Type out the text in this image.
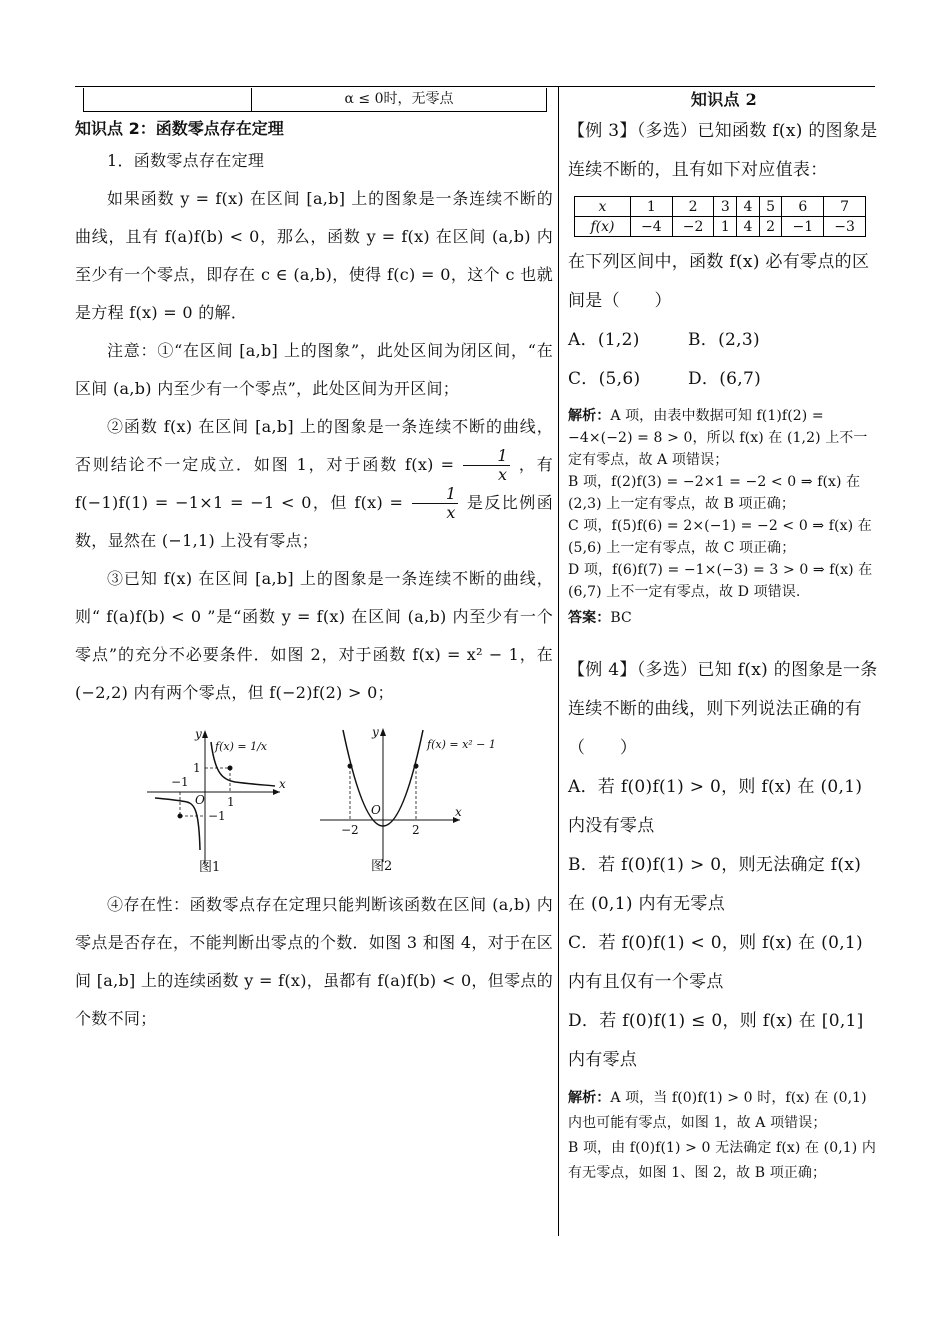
α ≤ 0时，无零点
知识点 2：函数零点存在定理
1．函数零点存在定理
如果函数 y = f(x) 在区间 [a,b] 上的图象是一条连续不断的曲线，且有 f(a)f(b) < 0，那么，函数 y = f(x) 在区间 (a,b) 内至少有一个零点，即存在 c ∈ (a,b)，使得 f(c) = 0，这个 c 也就是方程 f(x) = 0 的解．
注意：①“在区间 [a,b] 上的图象”，此处区间为闭区间，“在区间 (a,b) 内至少有一个零点”，此处区间为开区间；
②函数 f(x) 在区间 [a,b] 上的图象是一条连续不断的曲线，否则结论不一定成立．如图 1，对于函数 $f(x) = \frac{1}{x}$ ，有 f(−1)f(1) = −1×1 = −1 < 0，但 $f(x) = \frac{1}{x}$ 是反比例函数，显然在 (−1,1) 上没有零点；
③已知 f(x) 在区间 [a,b] 上的图象是一条连续不断的曲线，则“ f(a)f(b) < 0 ”是“函数 y = f(x) 在区间 (a,b) 内至少有一个零点”的充分不必要条件．如图 2，对于函数 f(x) = x² − 1，在 (−2,2) 内有两个零点，但 f(−2)f(2) > 0；
y
x
f(x) = 1/x
O
−1
1
1
−1
图1
y
x
f(x) = x² − 1
O
−2	2
图2
④存在性：函数零点存在定理只能判断该函数在区间 (a,b) 内零点是否存在，不能判断出零点的个数．如图 3 和图 4，对于在区间 [a,b] 上的连续函数 y = f(x)，虽都有 f(a)f(b) < 0，但零点的个数不同；
知识点 2
【例 3】（多选）已知函数 f(x) 的图象是连续不断的，且有如下对应值表：
x	1	2	3	4	5	6	7
f(x)	−4	−2	1	4	2	−1	−3
在下列区间中，函数 f(x) 必有零点的区间是（　　）
A．(1,2)	B．(2,3)
C．(5,6)	D．(6,7)
解析：A 项，由表中数据可知 f(1)f(2) = −4×(−2) = 8 > 0，所以 f(x) 在 (1,2) 上不一定有零点，故 A 项错误；
B 项，f(2)f(3) = −2×1 = −2 < 0 ⇒ f(x) 在 (2,3) 上一定有零点，故 B 项正确；
C 项，f(5)f(6) = 2×(−1) = −2 < 0 ⇒ f(x) 在 (5,6) 上一定有零点，故 C 项正确；
D 项，f(6)f(7) = −1×(−3) = 3 > 0 ⇒ f(x) 在 (6,7) 上不一定有零点，故 D 项错误.
答案：BC
【例 4】（多选）已知 f(x) 的图象是一条连续不断的曲线，则下列说法正确的有（　　）
A．若 f(0)f(1) > 0，则 f(x) 在 (0,1) 内没有零点
B．若 f(0)f(1) > 0，则无法确定 f(x) 在 (0,1) 内有无零点
C．若 f(0)f(1) < 0，则 f(x) 在 (0,1) 内有且仅有一个零点
D．若 f(0)f(1) ≤ 0，则 f(x) 在 [0,1] 内有零点
解析：A 项，当 f(0)f(1) > 0 时，f(x) 在 (0,1) 内也可能有零点，如图 1，故 A 项错误；
B 项，由 f(0)f(1) > 0 无法确定 f(x) 在 (0,1) 内有无零点，如图 1、图 2，故 B 项正确；
